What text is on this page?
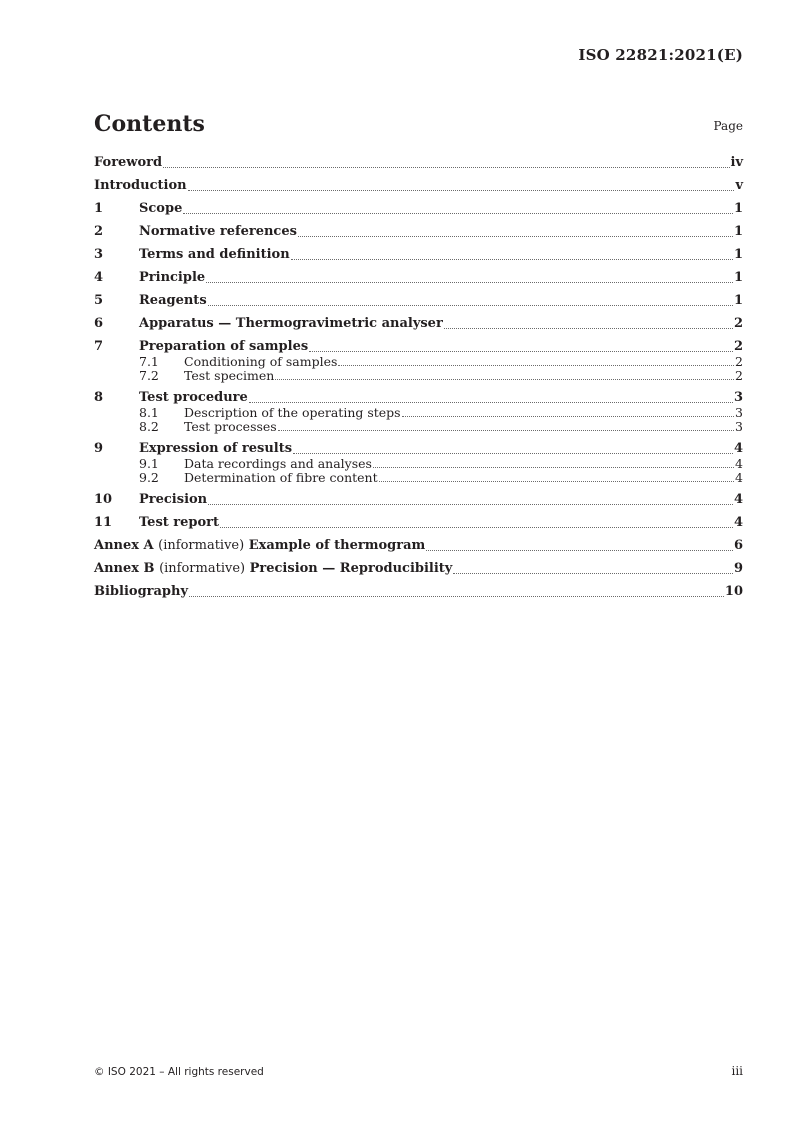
ISO 22821:2021(E)
Contents	Page
Foreword	iv
Introduction	v
1	Scope	1
2	Normative references	1
3	Terms and definition	1
4	Principle	1
5	Reagents	1
6	Apparatus — Thermogravimetric analyser	2
7	Preparation of samples	2
7.1	Conditioning of samples	2
7.2	Test specimen	2
8	Test procedure	3
8.1	Description of the operating steps	3
8.2	Test processes	3
9	Expression of results	4
9.1	Data recordings and analyses	4
9.2	Determination of fibre content	4
10	Precision	4
11	Test report	4
Annex A (informative) Example of thermogram	6
Annex B (informative) Precision — Reproducibility	9
Bibliography	10
© ISO 2021 – All rights reserved	iii
